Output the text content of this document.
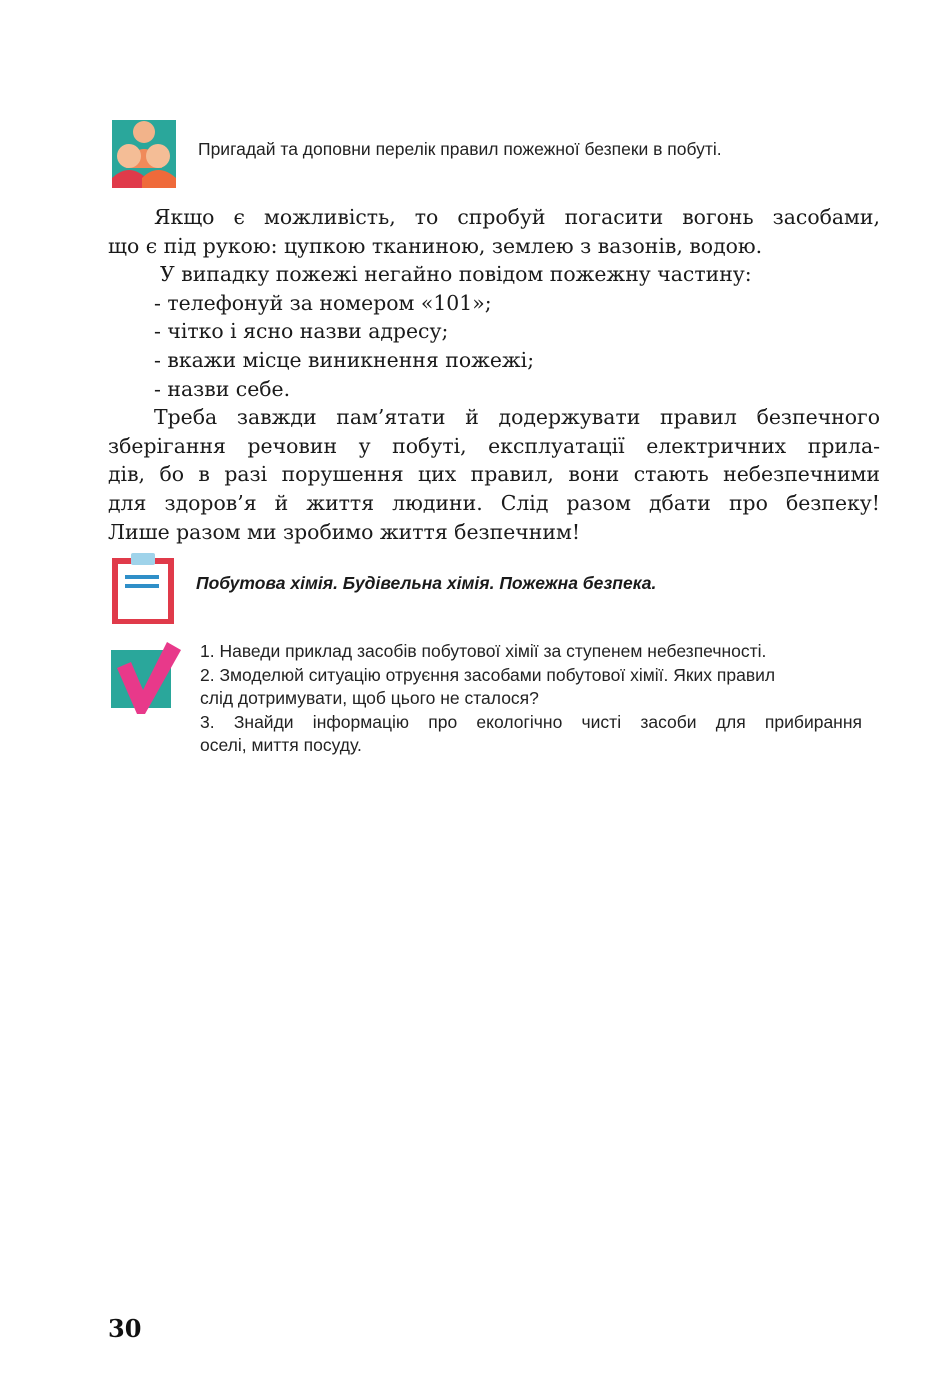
Пригадай та доповни перелік правил пожежної безпеки в побуті.

Якщо є можливість, то спробуй погасити вогонь засобами,

що є під рукою: цупкою тканиною, землею з вазонів, водою.

У випадку пожежі негайно повідом пожежну частину:

- телефонуй за номером «101»;

- чітко і ясно назви адресу;

- вкажи місце виникнення пожежі;

- назви себе.

Треба завжди пам’ятати й додержувати правил безпечного

зберігання речовин у побуті, експлуатації електричних прила-

дів, бо в разі порушення цих правил, вони стають небезпечними

для здоров’я й життя людини. Слід разом дбати про безпеку!

Лише разом ми зробимо життя безпечним!

Побутова хімія. Будівельна хімія. Пожежна безпека.
1. Наведи приклад засобів побутової хімії за ступенем небезпечності.
2. Змоделюй ситуацію отруєння засобами побутової хімії. Яких правил
слід дотримувати, щоб цього не сталося?
3. Знайди інформацію про екологічно чисті засоби для прибирання
оселі, миття посуду.
30
